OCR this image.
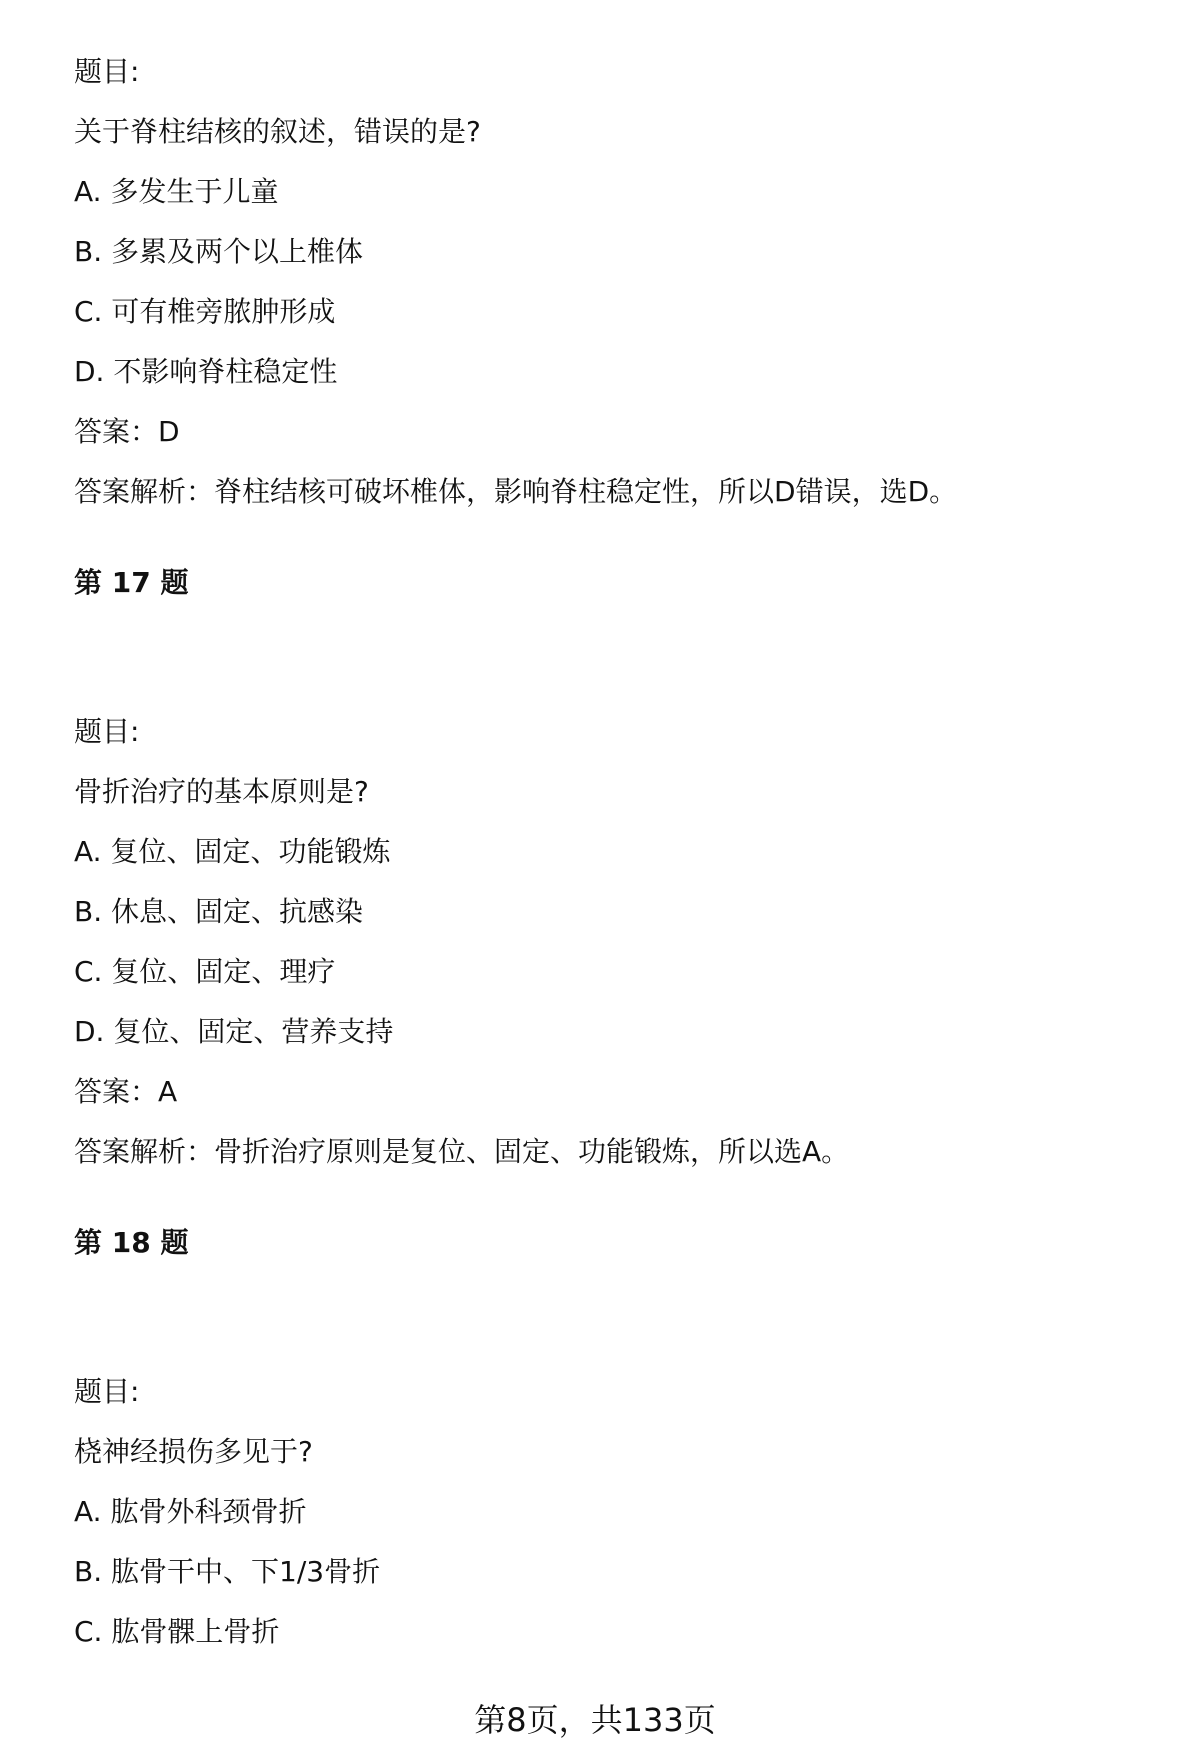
题目:
关于脊柱结核的叙述，错误的是?
A. 多发生于儿童
B. 多累及两个以上椎体
C. 可有椎旁脓肿形成
D. 不影响脊柱稳定性
答案：D
答案解析：脊柱结核可破坏椎体，影响脊柱稳定性，所以D错误，选D。
第 17 题
题目:
骨折治疗的基本原则是?
A. 复位、固定、功能锻炼
B. 休息、固定、抗感染
C. 复位、固定、理疗
D. 复位、固定、营养支持
答案：A
答案解析：骨折治疗原则是复位、固定、功能锻炼，所以选A。
第 18 题
题目:
桡神经损伤多见于?
A. 肱骨外科颈骨折
B. 肱骨干中、下1/3骨折
C. 肱骨髁上骨折
第8页，共133页
